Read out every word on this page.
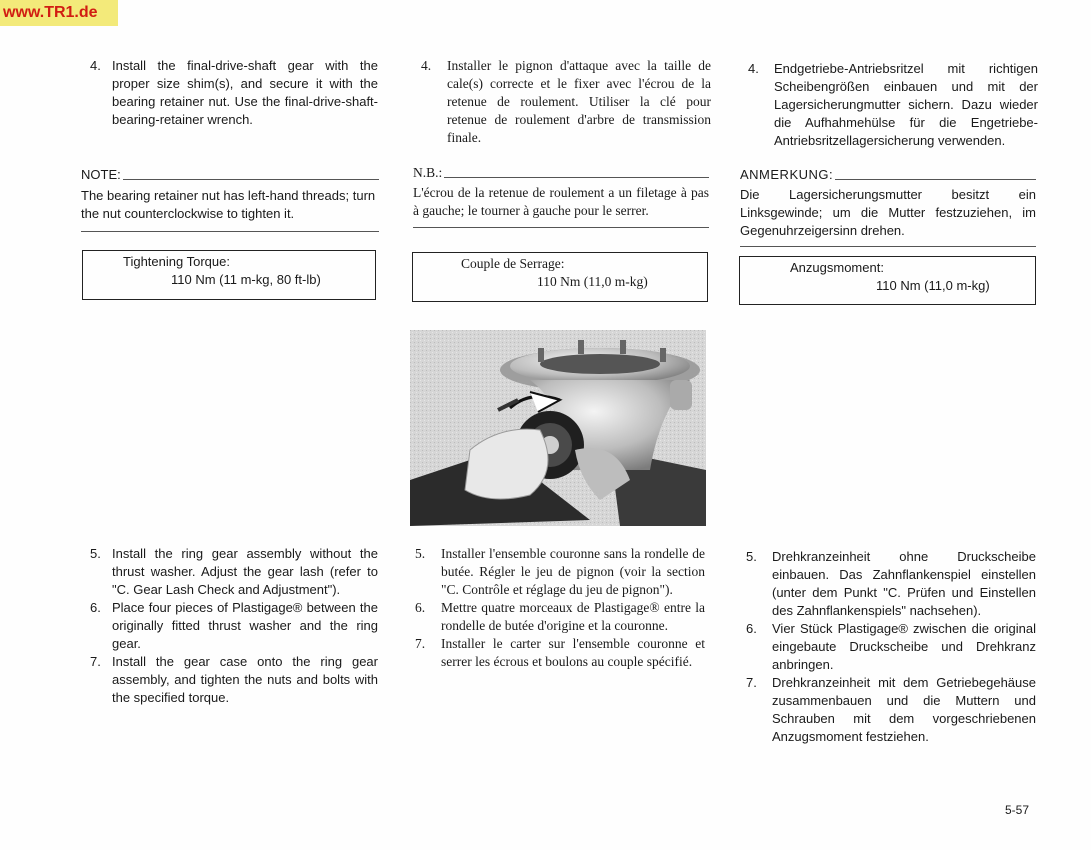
www.TR1.de
4. Install the final-drive-shaft gear with the proper size shim(s), and secure it with the bearing retainer nut. Use the final-drive-shaft-bearing-retainer wrench.
NOTE:
The bearing retainer nut has left-hand threads; turn the nut counterclockwise to tighten it.
Tightening Torque:
110 Nm (11 m-kg, 80 ft-lb)
4.	Installer le pignon d'attaque avec la taille de cale(s) correcte et le fixer avec l'écrou de la retenue de roulement. Utiliser la clé pour retenue de roulement d'arbre de transmission finale.
N.B.:
L'écrou de la retenue de roulement a un filetage à pas à gauche; le tourner à gauche pour le serrer.
Couple de Serrage:
110 Nm (11,0 m-kg)
4.	Endgetriebe-Antriebsritzel mit richtigen Scheibengrößen einbauen und mit der Lagersicherungmutter sichern. Dazu wieder die Aufhahmehülse für die Engetriebe-Antriebsritzellagersicherung verwenden.
ANMERKUNG:
Die Lagersicherungsmutter besitzt ein Linksgewinde; um die Mutter festzuziehen, im Gegenuhrzeigersinn drehen.
Anzugsmoment:
110 Nm (11,0 m-kg)
5. Install the ring gear assembly without the thrust washer. Adjust the gear lash (refer to "C. Gear Lash Check and Adjustment").
6. Place four pieces of Plastigage® between the originally fitted thrust washer and the ring gear.
7. Install the gear case onto the ring gear assembly, and tighten the nuts and bolts with the specified torque.
5.	Installer l'ensemble couronne sans la rondelle de butée. Régler le jeu de pignon (voir la section "C. Contrôle et réglage du jeu de pignon").
6.	Mettre quatre morceaux de Plastigage® entre la rondelle de butée d'origine et la couronne.
7.	Installer le carter sur l'ensemble couronne et serrer les écrous et boulons au couple spécifié.
5.	Drehkranzeinheit ohne Druckscheibe einbauen. Das Zahnflankenspiel einstellen (unter dem Punkt "C. Prüfen und Einstellen des Zahnflankenspiels" nachsehen).
6.	Vier Stück Plastigage® zwischen die original eingebaute Druckscheibe und Drehkranz anbringen.
7.	Drehkranzeinheit mit dem Getriebegehäuse zusammenbauen und die Muttern und Schrauben mit dem vorgeschriebenen Anzugsmoment festziehen.
5-57
